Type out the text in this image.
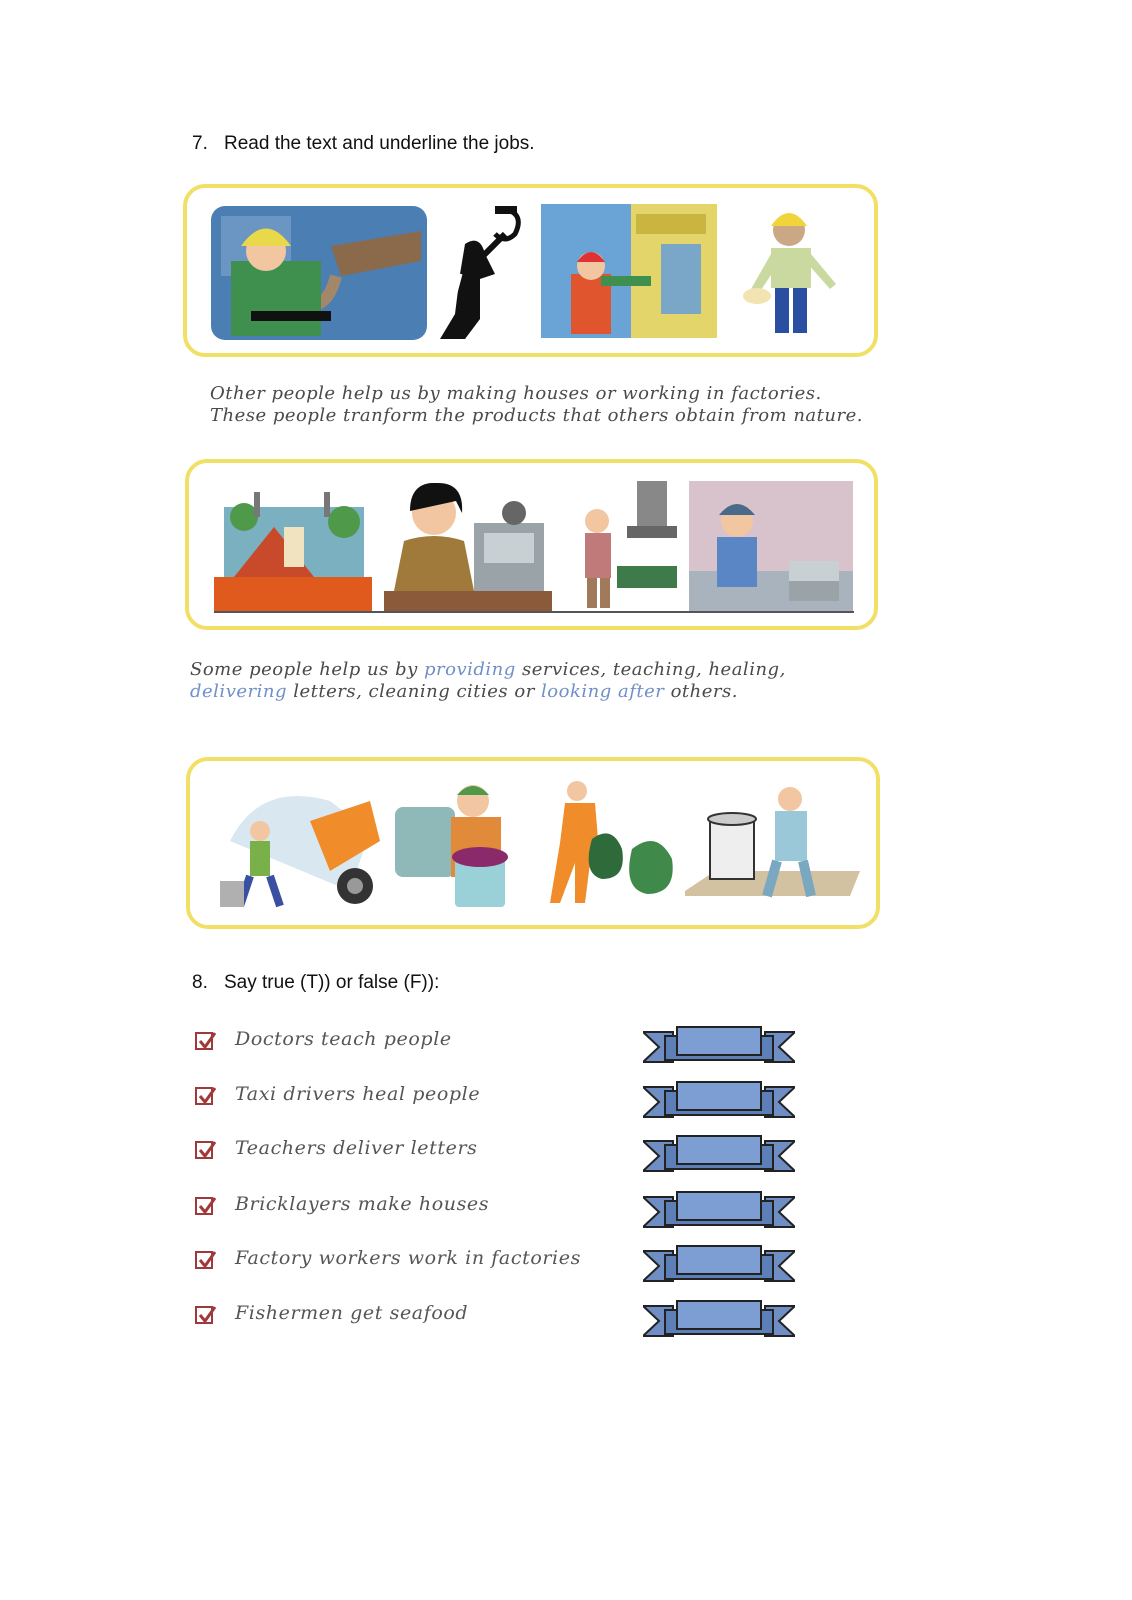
7. Read the text and underline the jobs.
Other people help us by making houses or working in factories.
These people tranform the products that others obtain from nature.
Some people help us by providing services, teaching, healing,
delivering letters, cleaning cities or looking after others.
8. Say true (T)) or false (F)):
Doctors teach people
Taxi drivers heal people
Teachers deliver letters
Bricklayers make houses
Factory workers work in factories
Fishermen get seafood
